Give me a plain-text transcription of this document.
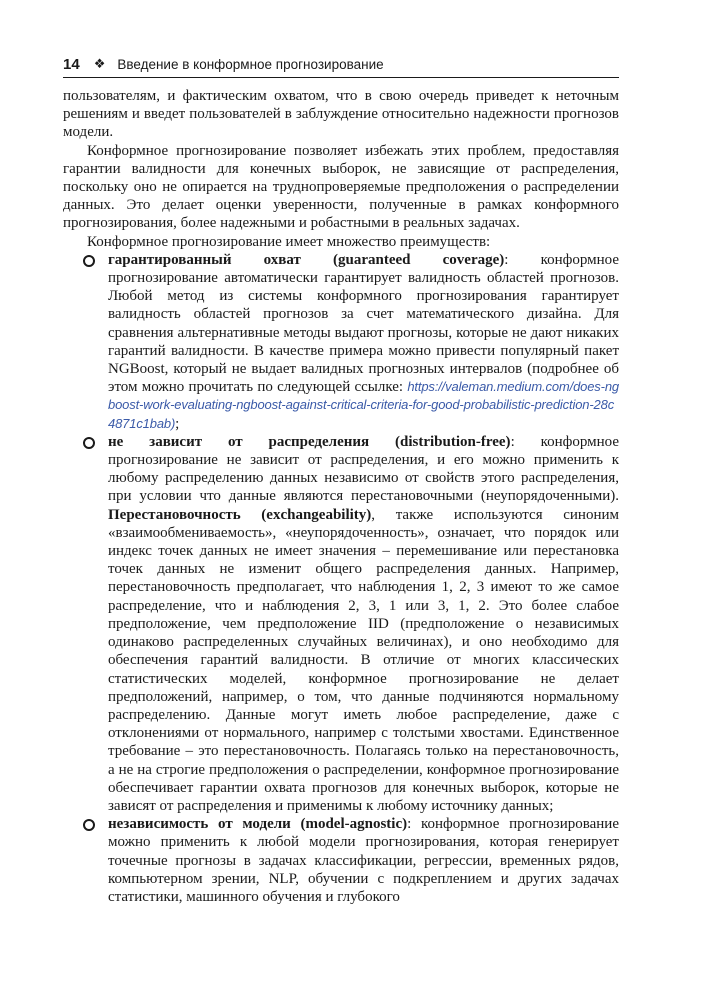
14 ❖ Введение в конформное прогнозирование

пользователям, и фактическим охватом, что в свою очередь приведет к неточным решениям и введет пользователей в заблуждение относительно надежности прогнозов модели.

Конформное прогнозирование позволяет избежать этих проблем, предоставляя гарантии валидности для конечных выборок, не зависящие от распределения, поскольку оно не опирается на труднопроверяемые предположения о распределении данных. Это делает оценки уверенности, полученные в рамках конформного прогнозирования, более надежными и робастными в реальных задачах.

Конформное прогнозирование имеет множество преимуществ:

гарантированный охват (guaranteed coverage): конформное прогнозирование автоматически гарантирует валидность областей прогнозов. Любой метод из системы конформного прогнозирования гарантирует валидность областей прогнозов за счет математического дизайна. Для сравнения альтернативные методы выдают прогнозы, которые не дают никаких гарантий валидности. В качестве примера можно привести популярный пакет NGBoost, который не выдает валидных прогнозных интервалов (подробнее об этом можно прочитать по следующей ссылке: https://valeman.medium.com/does-ngboost-work-evaluating-ngboost-against-critical-criteria-for-good-probabilistic-prediction-28c4871c1bab);
не зависит от распределения (distribution-free): конформное прогнозирование не зависит от распределения, и его можно применить к любому распределению данных независимо от свойств этого распределения, при условии что данные являются перестановочными (неупорядоченными). Перестановочность (exchangeability), также используются синоним «взаимообмениваемость», «неупорядоченность», означает, что порядок или индекс точек данных не имеет значения – перемешивание или перестановка точек данных не изменит общего распределения данных. Например, перестановочность предполагает, что наблюдения 1, 2, 3 имеют то же самое распределение, что и наблюдения 2, 3, 1 или 3, 1, 2. Это более слабое предположение, чем предположение IID (предположение о независимых одинаково распределенных случайных величинах), и оно необходимо для обеспечения гарантий валидности. В отличие от многих классических статистических моделей, конформное прогнозирование не делает предположений, например, о том, что данные подчиняются нормальному распределению. Данные могут иметь любое распределение, даже с отклонениями от нормального, например с толстыми хвостами. Единственное требование – это перестановочность. Полагаясь только на перестановочность, а не на строгие предположения о распределении, конформное прогнозирование обеспечивает гарантии охвата прогнозов для конечных выборок, которые не зависят от распределения и применимы к любому источнику данных;
независимость от модели (model-agnostic): конформное прогнозирование можно применить к любой модели прогнозирования, которая генерирует точечные прогнозы в задачах классификации, регрессии, временных рядов, компьютерном зрении, NLP, обучении с подкреплением и других задачах статистики, машинного обучения и глубокого
